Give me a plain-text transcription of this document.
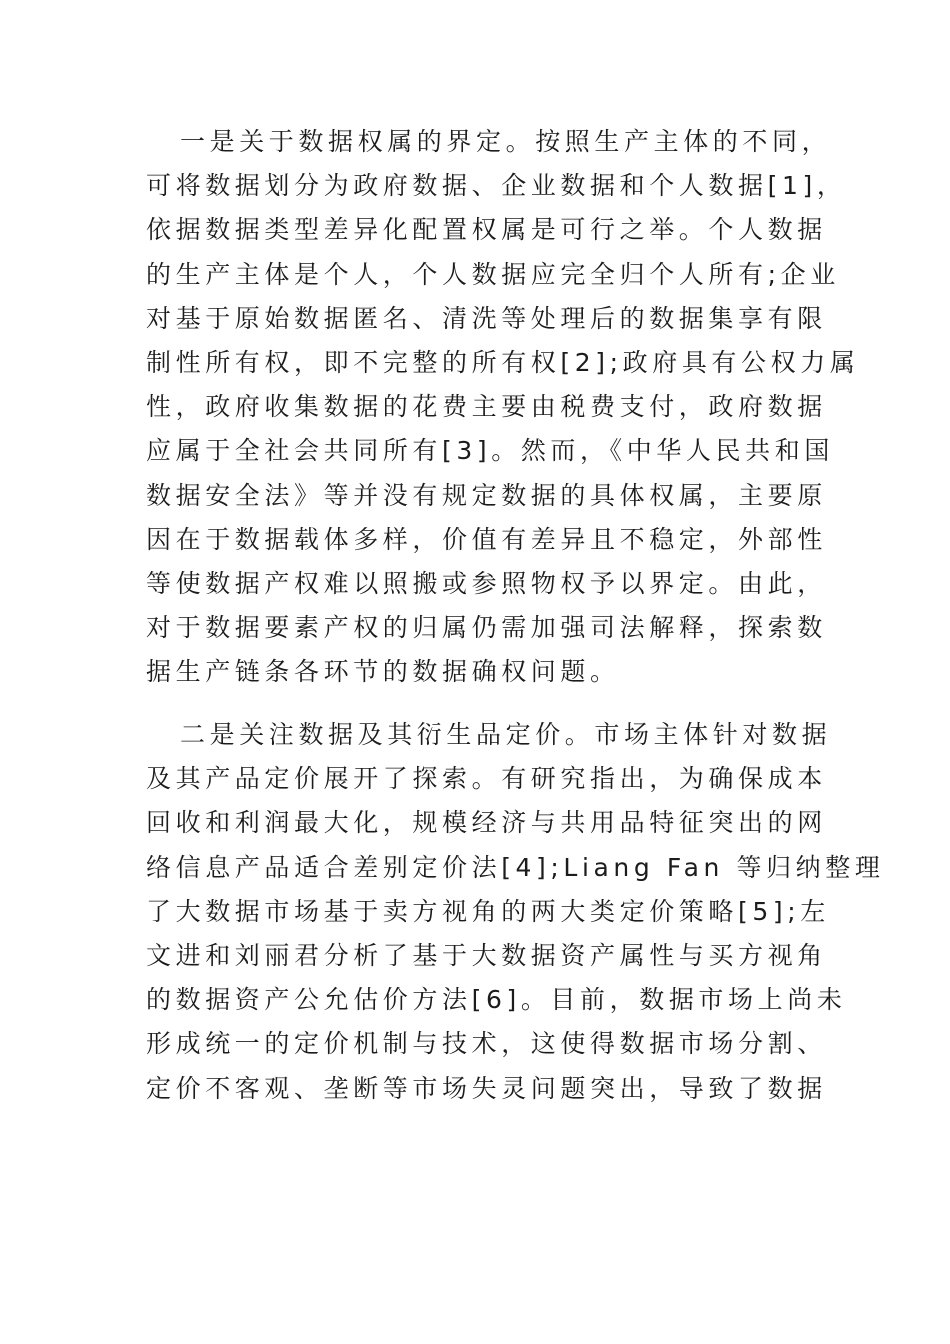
一是关于数据权属的界定。按照生产主体的不同，
可将数据划分为政府数据、企业数据和个人数据[1]，
依据数据类型差异化配置权属是可行之举。个人数据
的生产主体是个人，个人数据应完全归个人所有;企业
对基于原始数据匿名、清洗等处理后的数据集享有限
制性所有权，即不完整的所有权[2];政府具有公权力属
性，政府收集数据的花费主要由税费支付，政府数据
应属于全社会共同所有[3]。然而，《中华人民共和国
数据安全法》等并没有规定数据的具体权属，主要原
因在于数据载体多样，价值有差异且不稳定，外部性
等使数据产权难以照搬或参照物权予以界定。由此，
对于数据要素产权的归属仍需加强司法解释，探索数
据生产链条各环节的数据确权问题。
二是关注数据及其衍生品定价。市场主体针对数据
及其产品定价展开了探索。有研究指出，为确保成本
回收和利润最大化，规模经济与共用品特征突出的网
络信息产品适合差别定价法[4];Liang Fan 等归纳整理
了大数据市场基于卖方视角的两大类定价策略[5];左
文进和刘丽君分析了基于大数据资产属性与买方视角
的数据资产公允估价方法[6]。目前，数据市场上尚未
形成统一的定价机制与技术，这使得数据市场分割、
定价不客观、垄断等市场失灵问题突出，导致了数据
